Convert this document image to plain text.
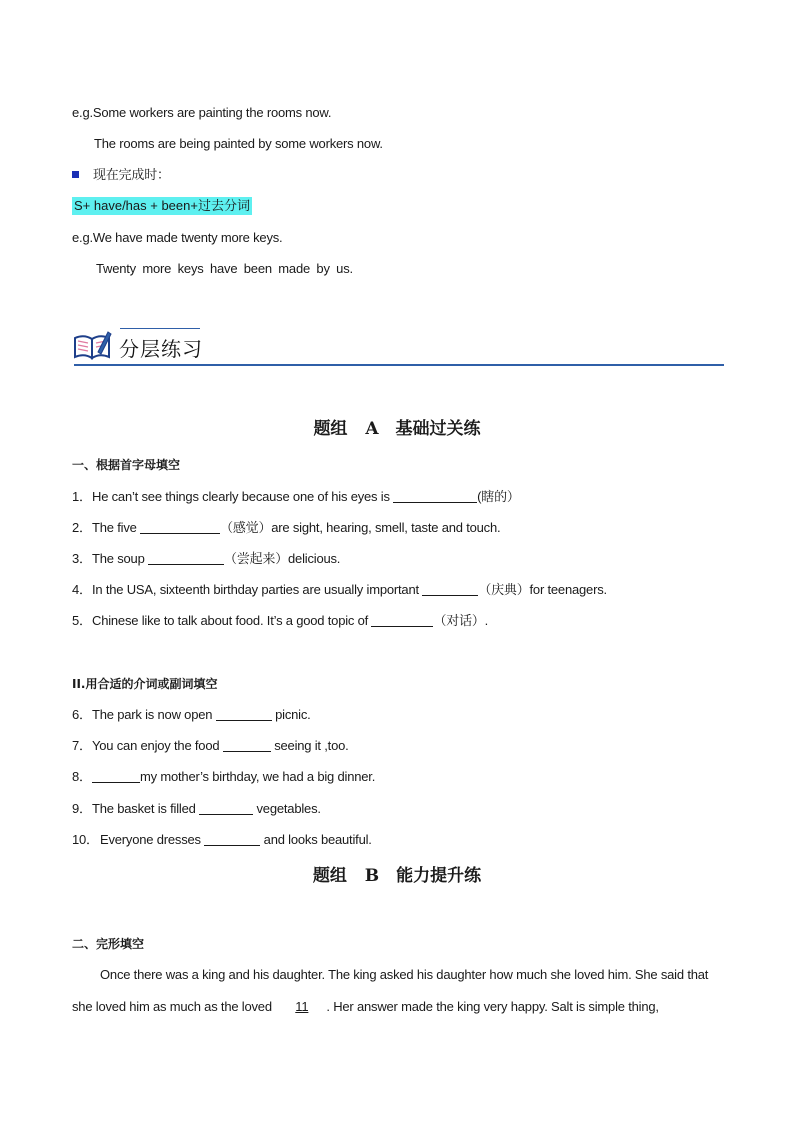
e.g.Some workers are painting the rooms now.
The rooms are being painted by some workers now.
现在完成时：
S+ have/has + been+过去分词
e.g.We have made twenty more keys.
Twenty more keys have been made by us.
分层练习
题组 A　基础过关练
一、根据首字母填空
1．He can’t see things clearly because one of his eyes is	(瞎的）
2．The five	（感觉）are sight, hearing, smell, taste and touch.
3．The soup	（尝起来）delicious.
4．In the USA, sixteenth birthday parties are usually important	（庆典）for teenagers.
5．Chinese like to talk about food. It’s a good topic of	（对话）.
II.用合适的介词或副词填空
6．The park is now open	picnic.
7．You can enjoy the food	seeing it ,too.
8．	my mother’s birthday, we had a big dinner.
9．The basket is filled	vegetables.
10．Everyone dresses	and looks beautiful.
题组 B　能力提升练
二、完形填空
Once there was a king and his daughter. The king asked his daughter how much she loved him. She said that
she loved him as much as the loved 11 . Her answer made the king very happy. Salt is simple thing,
